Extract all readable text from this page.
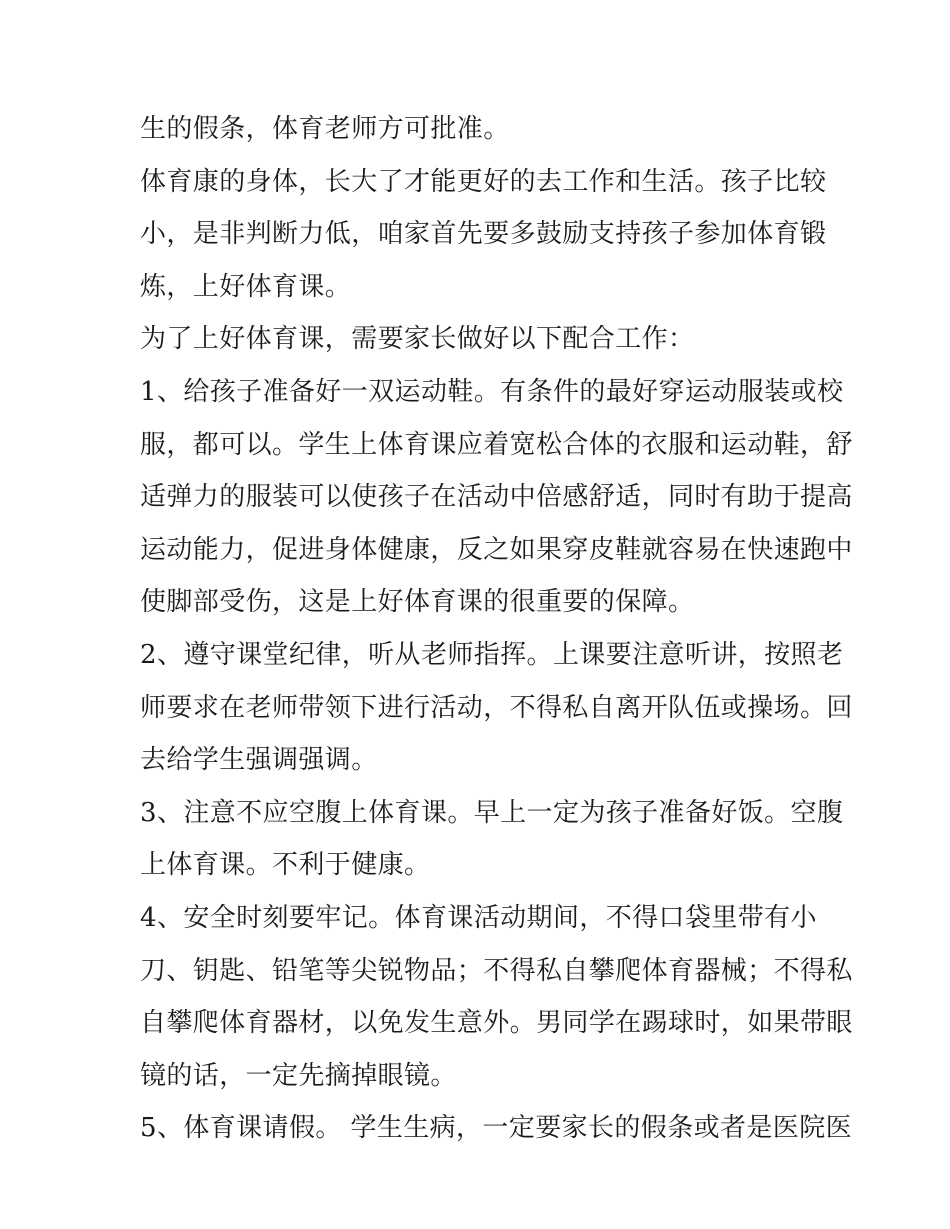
生的假条，体育老师方可批准。
体育康的身体，长大了才能更好的去工作和生活。孩子比较
小，是非判断力低，咱家首先要多鼓励支持孩子参加体育锻
炼，上好体育课。
为了上好体育课，需要家长做好以下配合工作：
1、给孩子准备好一双运动鞋。有条件的最好穿运动服装或校
服，都可以。学生上体育课应着宽松合体的衣服和运动鞋，舒
适弹力的服装可以使孩子在活动中倍感舒适，同时有助于提高
运动能力，促进身体健康，反之如果穿皮鞋就容易在快速跑中
使脚部受伤，这是上好体育课的很重要的保障。
2、遵守课堂纪律，听从老师指挥。上课要注意听讲，按照老
师要求在老师带领下进行活动，不得私自离开队伍或操场。回
去给学生强调强调。
3、注意不应空腹上体育课。早上一定为孩子准备好饭。空腹
上体育课。不利于健康。
4、安全时刻要牢记。体育课活动期间，不得口袋里带有小
刀、钥匙、铅笔等尖锐物品；不得私自攀爬体育器械；不得私
自攀爬体育器材，以免发生意外。男同学在踢球时，如果带眼
镜的话，一定先摘掉眼镜。
5、体育课请假。 学生生病，一定要家长的假条或者是医院医
